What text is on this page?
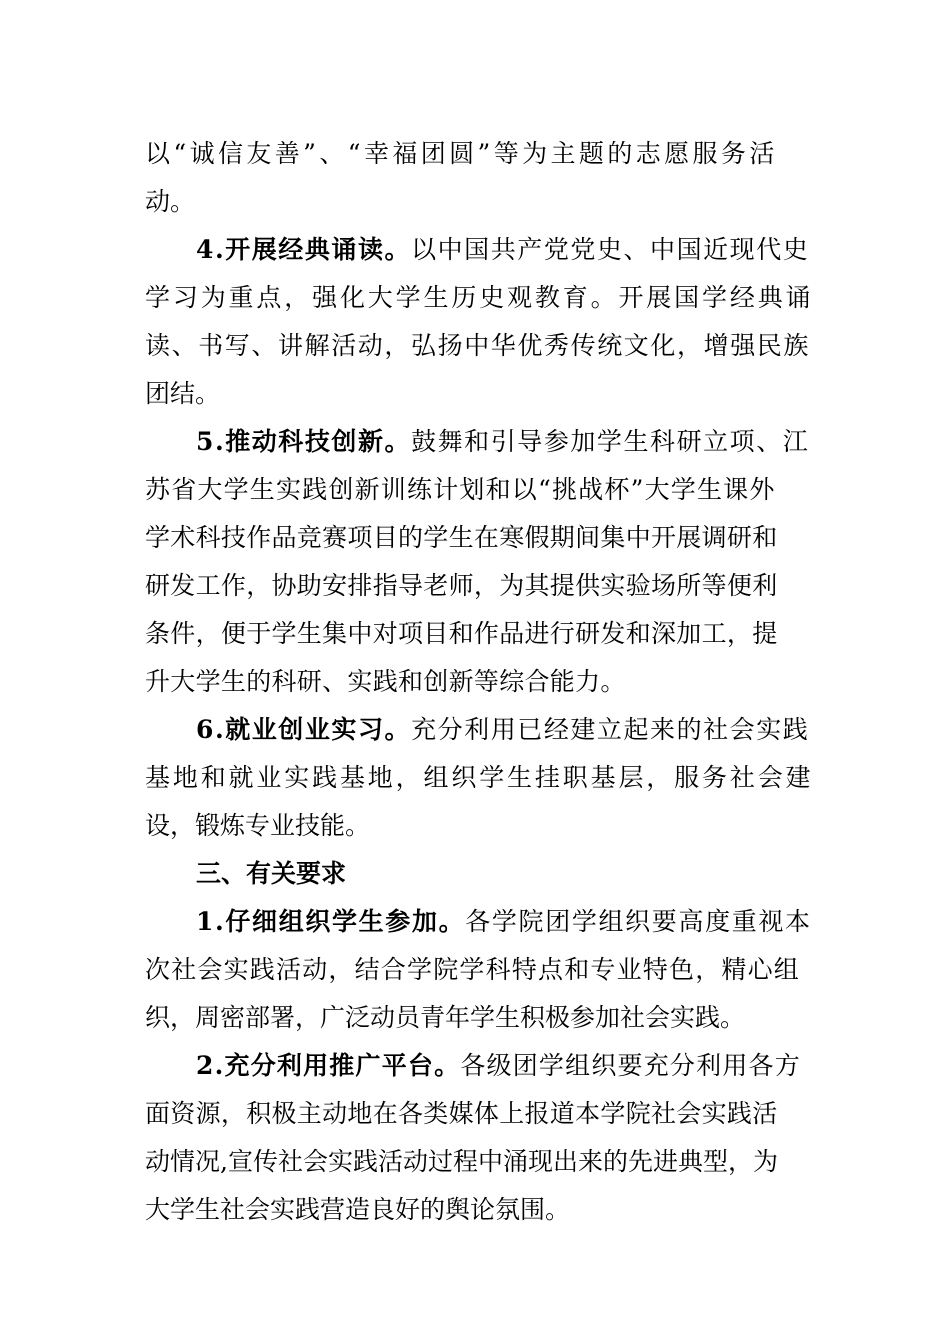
以“诚信友善”、“幸福团圆”等为主题的志愿服务活
动。
4.开展经典诵读。以中国共产党党史、中国近现代史
学习为重点，强化大学生历史观教育。开展国学经典诵
读、书写、讲解活动，弘扬中华优秀传统文化，增强民族
团结。
5.推动科技创新。鼓舞和引导参加学生科研立项、江
苏省大学生实践创新训练计划和以“挑战杯”大学生课外
学术科技作品竞赛项目的学生在寒假期间集中开展调研和
研发工作，协助安排指导老师，为其提供实验场所等便利
条件，便于学生集中对项目和作品进行研发和深加工，提
升大学生的科研、实践和创新等综合能力。
6.就业创业实习。充分利用已经建立起来的社会实践
基地和就业实践基地，组织学生挂职基层，服务社会建
设，锻炼专业技能。
三、有关要求
1.仔细组织学生参加。各学院团学组织要高度重视本
次社会实践活动，结合学院学科特点和专业特色，精心组
织，周密部署，广泛动员青年学生积极参加社会实践。
2.充分利用推广平台。各级团学组织要充分利用各方
面资源，积极主动地在各类媒体上报道本学院社会实践活
动情况,宣传社会实践活动过程中涌现出来的先进典型，为
大学生社会实践营造良好的舆论氛围。
